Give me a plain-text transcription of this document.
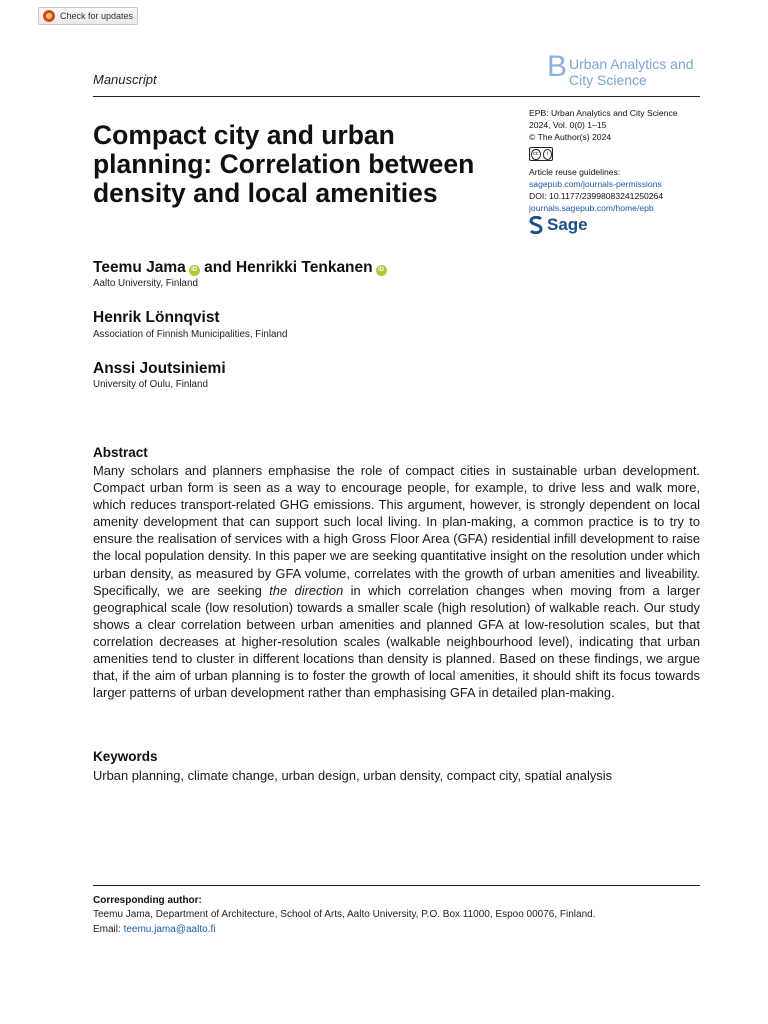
Check for updates
Manuscript	B Urban Analytics and
City Science
Compact city and urban planning: Correlation between density and local amenities
EPB: Urban Analytics and City Science
2024, Vol. 0(0) 1–15
© The Author(s) 2024
cc	i
Article reuse guidelines:
sagepub.com/journals-permissions
DOI: 10.1177/23998083241250264
journals.sagepub.com/home/epb
Sage
Teemu Jama iD and Henrikki Tenkanen iD
Aalto University, Finland
Henrik Lönnqvist
Association of Finnish Municipalities, Finland
Anssi Joutsiniemi
University of Oulu, Finland
Abstract
Many scholars and planners emphasise the role of compact cities in sustainable urban development. Compact urban form is seen as a way to encourage people, for example, to drive less and walk more, which reduces transport-related GHG emissions. This argument, however, is strongly dependent on local amenity development that can support such local living. In plan-making, a common practice is to try to ensure the realisation of services with a high Gross Floor Area (GFA) residential infill development to raise the local population density. In this paper we are seeking quantitative insight on the resolution under which urban density, as measured by GFA volume, correlates with the growth of urban amenities and liveability. Specifically, we are seeking the direction in which correlation changes when moving from a larger geographical scale (low resolution) towards a smaller scale (high resolution) of walkable reach. Our study shows a clear correlation between urban amenities and planned GFA at low-resolution scales, but that correlation decreases at higher-resolution scales (walkable neighbourhood level), indicating that urban amenities tend to cluster in different locations than density is planned. Based on these findings, we argue that, if the aim of urban planning is to foster the growth of local amenities, it should shift its focus towards larger patterns of urban development rather than emphasising GFA in detailed plan-making.
Keywords
Urban planning, climate change, urban design, urban density, compact city, spatial analysis
Corresponding author:
Teemu Jama, Department of Architecture, School of Arts, Aalto University, P.O. Box 11000, Espoo 00076, Finland.
Email: teemu.jama@aalto.fi
